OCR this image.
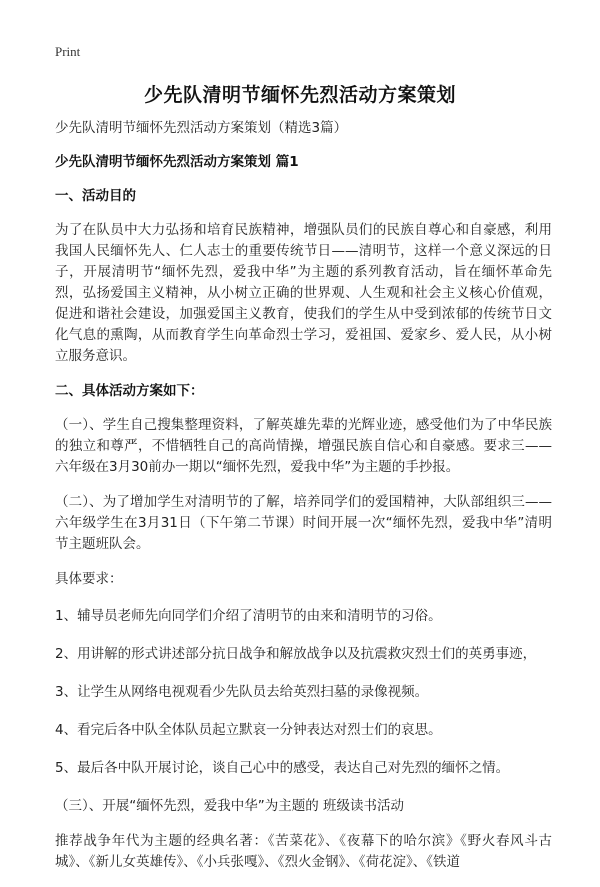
Print
少先队清明节缅怀先烈活动方案策划

少先队清明节缅怀先烈活动方案策划（精选3篇）

少先队清明节缅怀先烈活动方案策划 篇1

一、活动目的

为了在队员中大力弘扬和培育民族精神，增强队员们的民族自尊心和自豪感，利用我国人民缅怀先人、仁人志士的重要传统节日——清明节，这样一个意义深远的日子，开展清明节“缅怀先烈，爱我中华”为主题的系列教育活动，旨在缅怀革命先烈，弘扬爱国主义精神，从小树立正确的世界观、人生观和社会主义核心价值观，促进和谐社会建设，加强爱国主义教育，使我们的学生从中受到浓郁的传统节日文化气息的熏陶，从而教育学生向革命烈士学习，爱祖国、爱家乡、爱人民，从小树立服务意识。

二、具体活动方案如下：

（一）、学生自己搜集整理资料，了解英雄先辈的光辉业迹，感受他们为了中华民族的独立和尊严，不惜牺牲自己的高尚情操，增强民族自信心和自豪感。要求三——六年级在3月30前办一期以“缅怀先烈，爱我中华”为主题的手抄报。

（二）、为了增加学生对清明节的了解，培养同学们的爱国精神，大队部组织三——六年级学生在3月31日（下午第二节课）时间开展一次“缅怀先烈，爱我中华”清明节主题班队会。

具体要求：

1、辅导员老师先向同学们介绍了清明节的由来和清明节的习俗。

2、用讲解的形式讲述部分抗日战争和解放战争以及抗震救灾烈士们的英勇事迹，

3、让学生从网络电视观看少先队员去给英烈扫墓的录像视频。

4、看完后各中队全体队员起立默哀一分钟表达对烈士们的哀思。

5、最后各中队开展讨论，谈自己心中的感受，表达自己对先烈的缅怀之情。

（三）、开展“缅怀先烈，爱我中华”为主题的 班级读书活动

推荐战争年代为主题的经典名著：《苦菜花》、《夜幕下的哈尔滨》《野火春风斗古城》、《新儿女英雄传》、《小兵张嘎》、《烈火金钢》、《荷花淀》、《铁道
